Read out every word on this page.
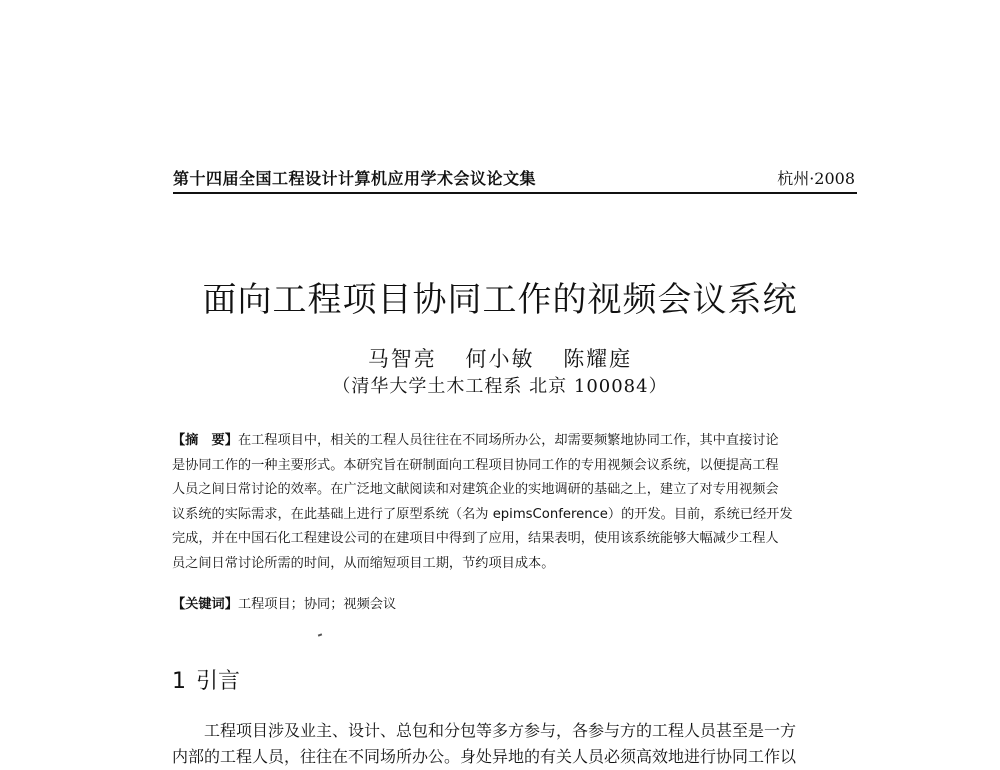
第十四届全国工程设计计算机应用学术会议论文集	杭州·2008
面向工程项目协同工作的视频会议系统
马智亮 何小敏 陈耀庭
（清华大学土木工程系 北京 100084）
【摘　要】在工程项目中，相关的工程人员往往在不同场所办公，却需要频繁地协同工作，其中直接讨论
是协同工作的一种主要形式。本研究旨在研制面向工程项目协同工作的专用视频会议系统，以便提高工程
人员之间日常讨论的效率。在广泛地文献阅读和对建筑企业的实地调研的基础之上，建立了对专用视频会
议系统的实际需求，在此基础上进行了原型系统（名为 epimsConference）的开发。目前，系统已经开发
完成，并在中国石化工程建设公司的在建项目中得到了应用，结果表明，使用该系统能够大幅减少工程人
员之间日常讨论所需的时间，从而缩短项目工期，节约项目成本。
【关键词】工程项目；协同；视频会议
1 引言
工程项目涉及业主、设计、总包和分包等多方参与，各参与方的工程人员甚至是一方
内部的工程人员，往往在不同场所办公。身处异地的有关人员必须高效地进行协同工作以
